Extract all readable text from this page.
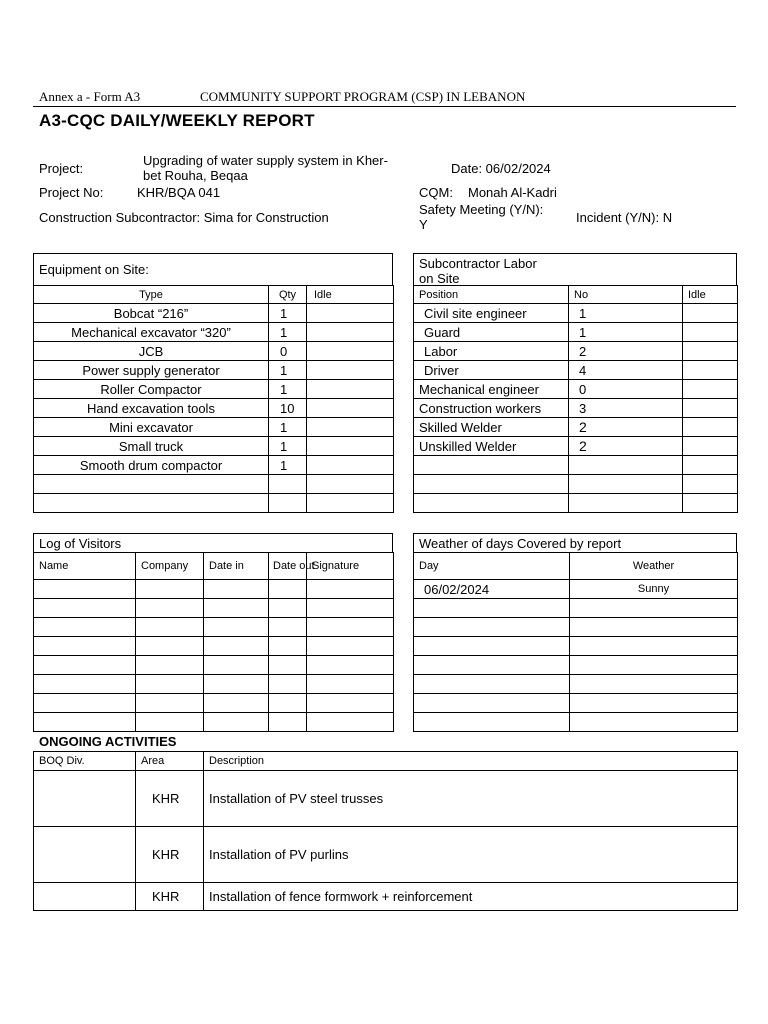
Annex a - Form A3	COMMUNITY SUPPORT PROGRAM (CSP) IN LEBANON
A3-CQC DAILY/WEEKLY REPORT
Project:
Upgrading of water supply system in Kher-
bet Rouha, Beqaa	Date: 06/02/2024
Project No:	KHR/BQA 041	CQM: Monah Al-Kadri
Construction Subcontractor: Sima for Construction
Safety Meeting (Y/N):
Y	Incident (Y/N): N
Equipment on Site:
Type	Qty	Idle
Bobcat “216”	1	
Mechanical excavator “320”	1	
JCB	0	
Power supply generator	1	
Roller Compactor	1	
Hand excavation tools	10	
Mini excavator	1	
Small truck	1	
Smooth drum compactor	1	

Subcontractor Labor
on Site
Position	No	Idle
Civil site engineer	1	
Guard	1	
Labor	2	
Driver	4	
Mechanical engineer	0	
Construction workers	3	
Skilled Welder	2	
Unskilled Welder	2	

Log of Visitors
Name	Company	Date in	Date out	Signature

Weather of days Covered by report
Day	Weather
06/02/2024	Sunny

ONGOING ACTIVITIES
BOQ Div.	Area	Description
	KHR	Installation of PV steel trusses
	KHR	Installation of PV purlins
	KHR	Installation of fence formwork + reinforcement
